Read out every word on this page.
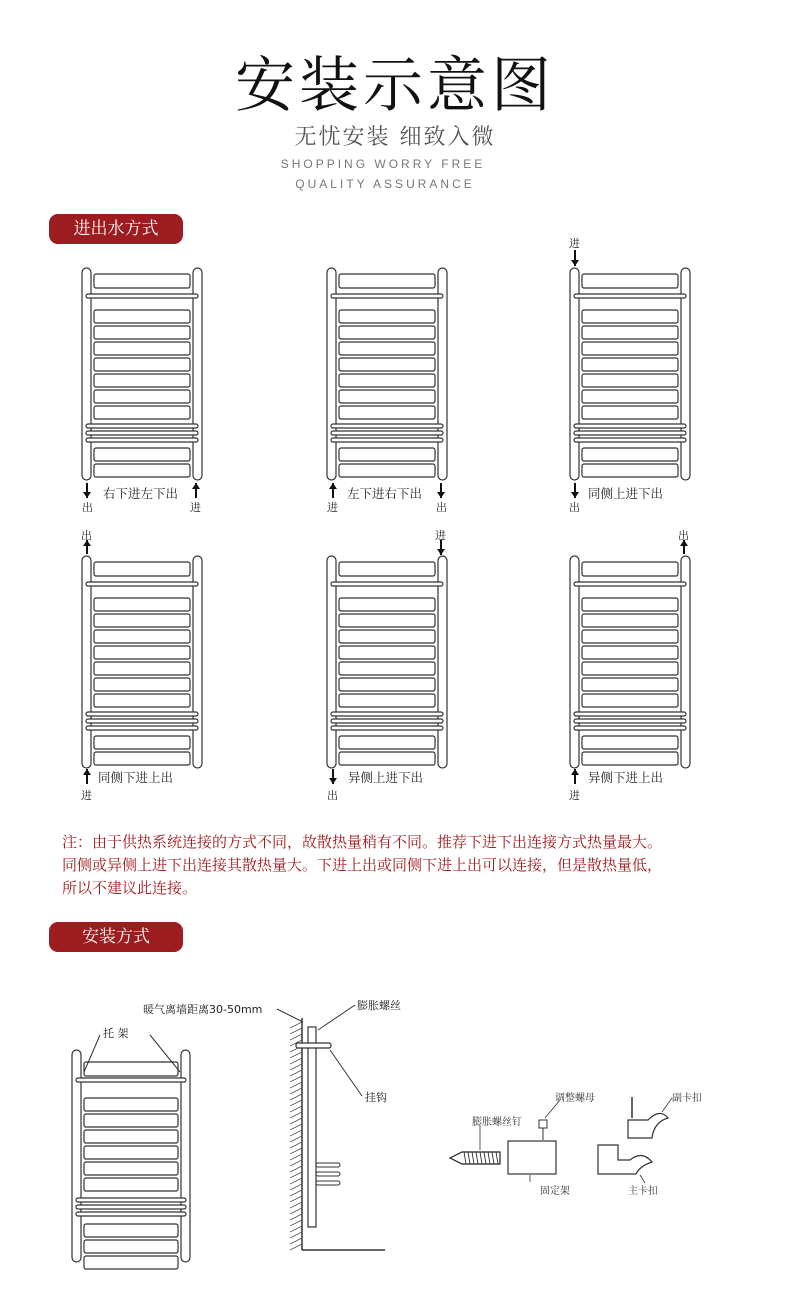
安装示意图
无忧安装 细致入微
SHOPPING WORRY FREE
QUALITY ASSURANCE
进出水方式
右下进左下出
出	进
左下进右下出
进	出
同侧上进下出
进
出
同侧下进上出
出
进
异侧上进下出
进
出
异侧下进上出
出
进
注：由于供热系统连接的方式不同，故散热量稍有不同。推荐下进下出连接方式热量最大。
同侧或异侧上进下出连接其散热量大。下进上出或同侧下进上出可以连接，但是散热量低，
所以不建议此连接。
安装方式
托 架
暖气离墙距离30-50mm	膨胀螺丝
挂钩	调整螺母
膨胀螺丝钉
固定架
副卡扣
主卡扣
